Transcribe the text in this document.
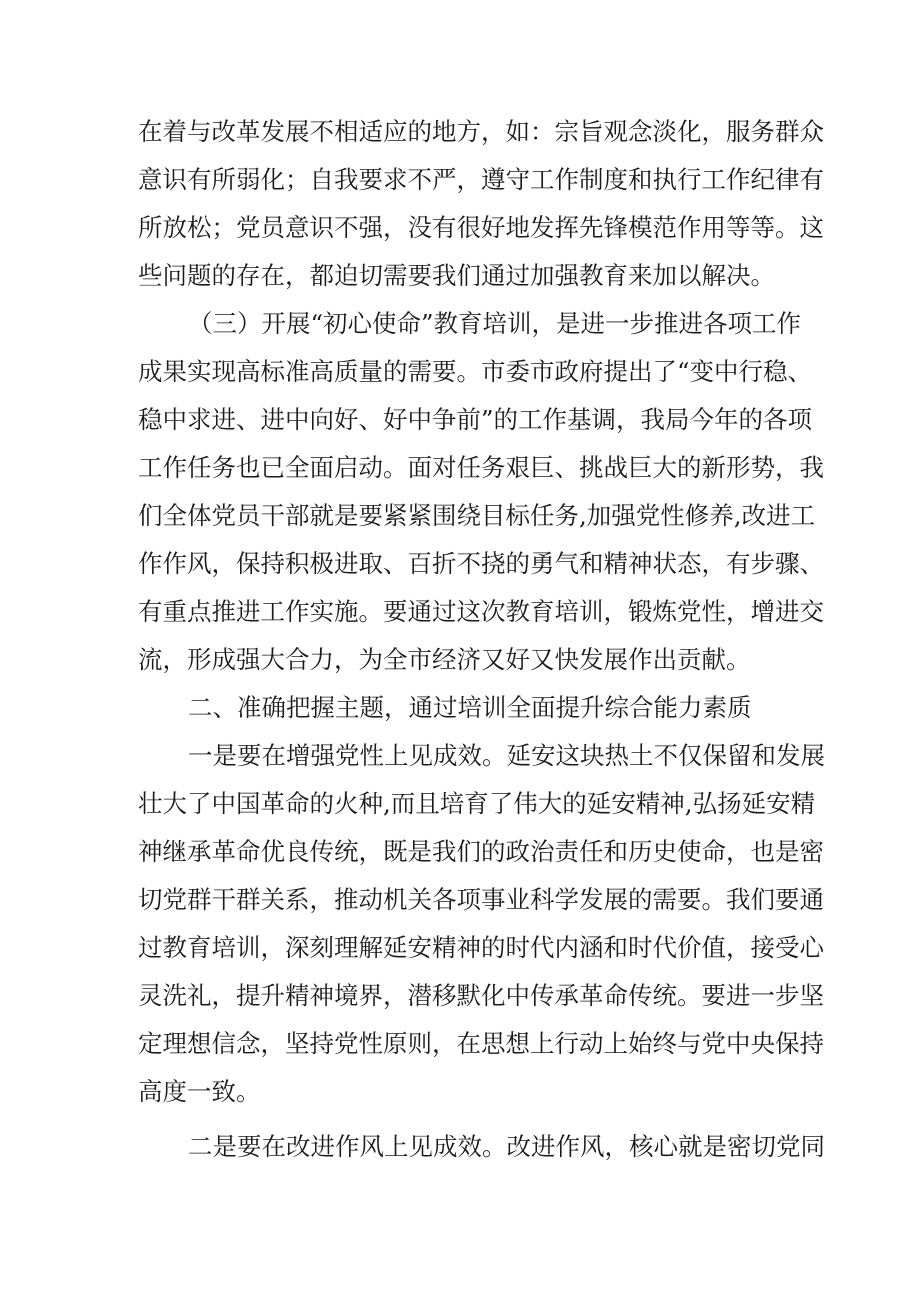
在着与改革发展不相适应的地方，如：宗旨观念淡化，服务群众
意识有所弱化；自我要求不严，遵守工作制度和执行工作纪律有
所放松；党员意识不强，没有很好地发挥先锋模范作用等等。这
些问题的存在，都迫切需要我们通过加强教育来加以解决。
（三）开展“初心使命”教育培训，是进一步推进各项工作
成果实现高标准高质量的需要。市委市政府提出了“变中行稳、
稳中求进、进中向好、好中争前”的工作基调，我局今年的各项
工作任务也已全面启动。面对任务艰巨、挑战巨大的新形势，我
们全体党员干部就是要紧紧围绕目标任务,加强党性修养,改进工
作作风，保持积极进取、百折不挠的勇气和精神状态，有步骤、
有重点推进工作实施。要通过这次教育培训，锻炼党性，增进交
流，形成强大合力，为全市经济又好又快发展作出贡献。
二、准确把握主题，通过培训全面提升综合能力素质
一是要在增强党性上见成效。延安这块热土不仅保留和发展
壮大了中国革命的火种,而且培育了伟大的延安精神,弘扬延安精
神继承革命优良传统，既是我们的政治责任和历史使命，也是密
切党群干群关系，推动机关各项事业科学发展的需要。我们要通
过教育培训，深刻理解延安精神的时代内涵和时代价值，接受心
灵洗礼，提升精神境界，潜移默化中传承革命传统。要进一步坚
定理想信念，坚持党性原则，在思想上行动上始终与党中央保持
高度一致。
二是要在改进作风上见成效。改进作风，核心就是密切党同
